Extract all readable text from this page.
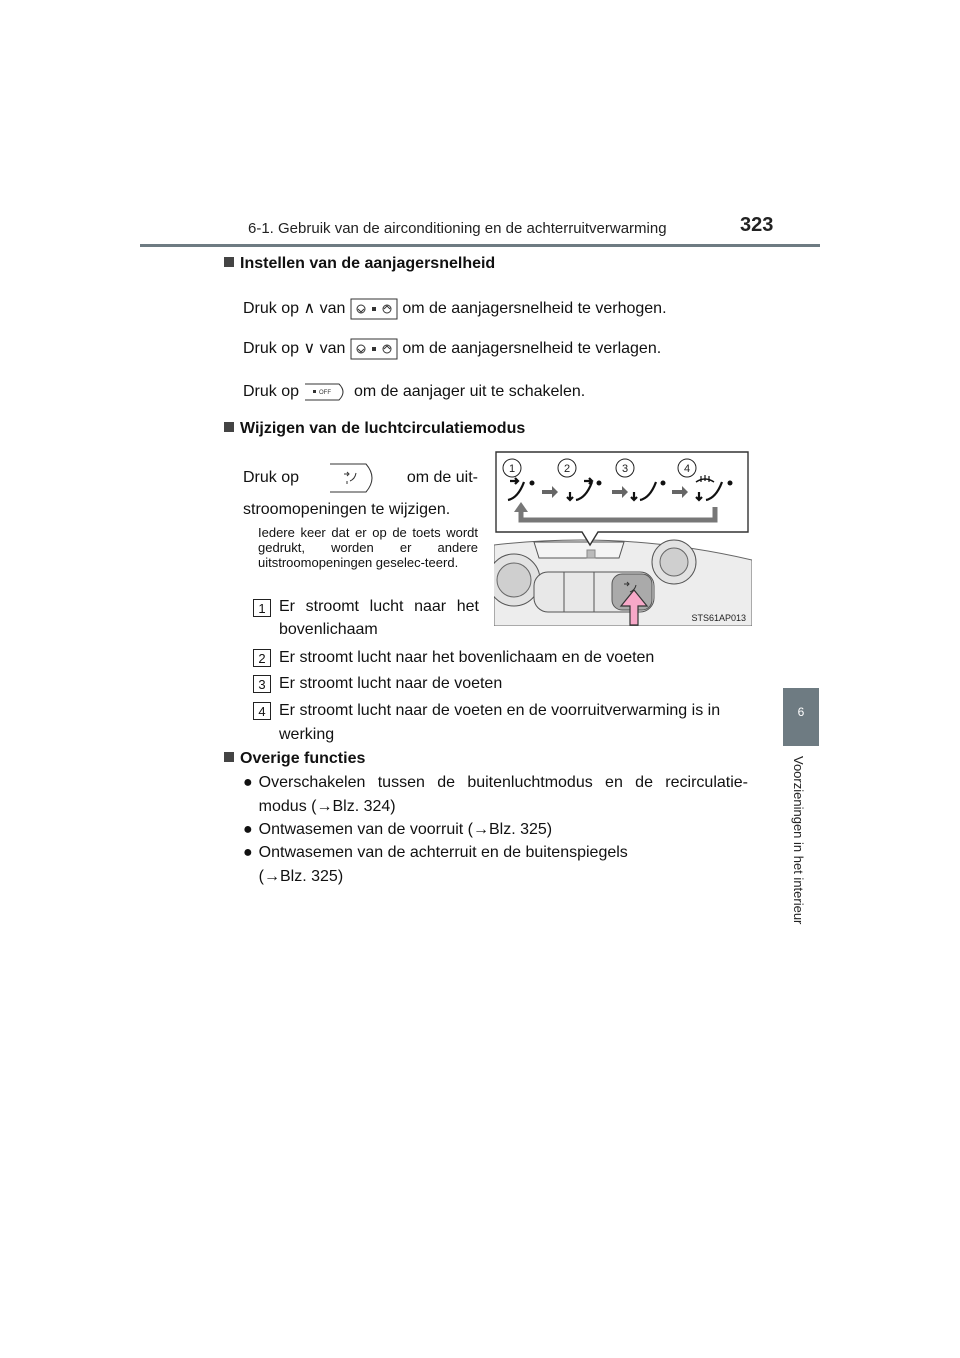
6-1. Gebruik van de airconditioning en de achterruitverwarming	323
6
Voorzieningen in het interieur
Instellen van de aanjagersnelheid
Druk op ∧ van	om de aanjagersnelheid te verhogen.
Druk op ∨ van	om de aanjagersnelheid te verlagen.
Druk op	OFF om de aanjager uit te schakelen.
Wijzigen van de luchtcirculatiemodus
Druk op	om de uit-
stroomopeningen te wijzigen.
Iedere keer dat er op de toets wordt gedrukt, worden er andere uitstroomopeningen geselec-teerd.
1	2	3	4
STS61AP013
1 Er stroomt lucht naar het bovenlichaam
2 Er stroomt lucht naar het bovenlichaam en de voeten
3 Er stroomt lucht naar de voeten
4 Er stroomt lucht naar de voeten en de voorruitverwarming is in werking
Overige functies
● Overschakelen tussen de buitenluchtmodus en de recirculatie-modus (→Blz. 324)
● Ontwasemen van de voorruit (→Blz. 325)
● Ontwasemen van de achterruit en de buitenspiegels (→Blz. 325)
